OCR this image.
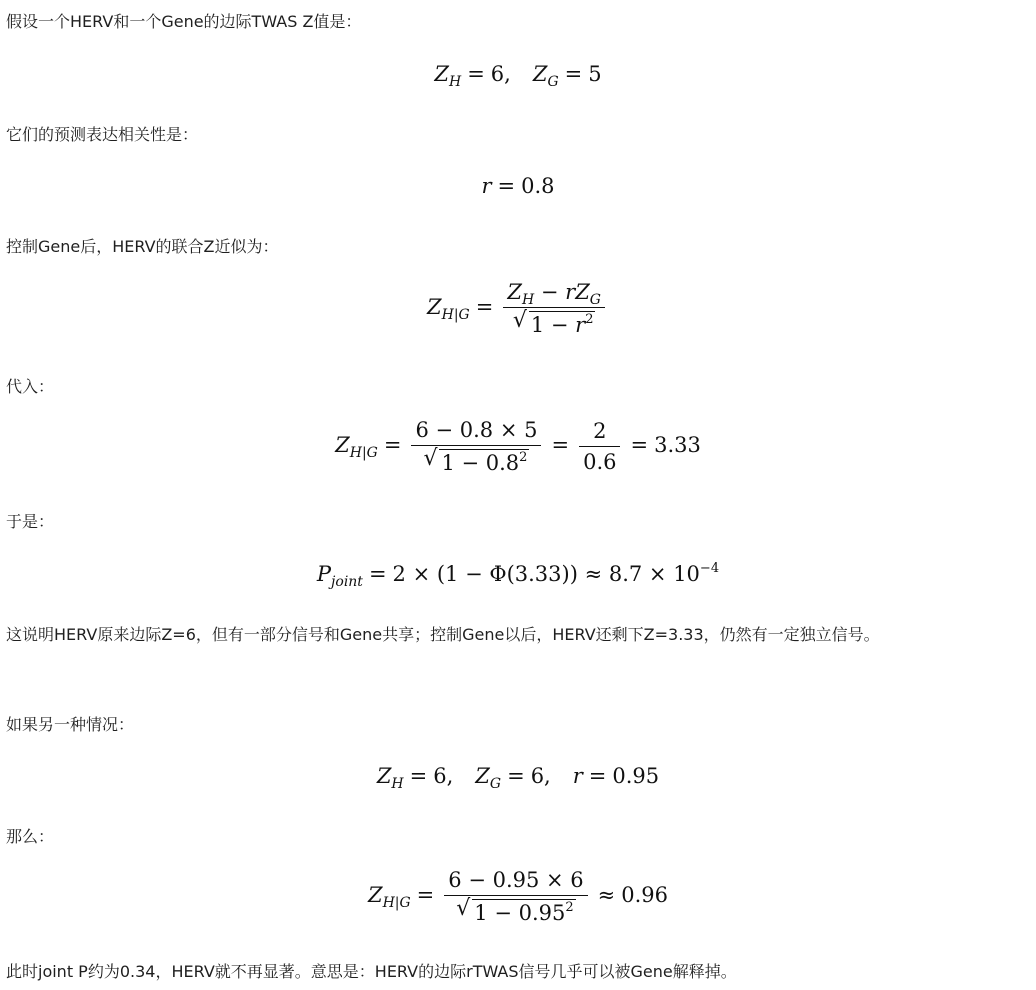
假设一个HERV和一个Gene的边际TWAS Z值是：

$Z_H = 6$, $Z_G = 5$

它们的预测表达相关性是：

r = 0.8

控制Gene后，HERV的联合Z近似为：

$Z_{H|G} = \frac{Z_H - rZ_G}{√ 1 - r^2}$

代入：

$Z_{H|G} = \frac{6 - 0.8 \times 5}{√ 1 - 0.8^2} = \frac{2}{0.6} = 3.33$

于是：

$P_{joint} = 2 \times (1 - \Phi(3.33)) \approx 8.7 \times 10^{-4}$

这说明HERV原来边际Z=6，但有一部分信号和Gene共享；控制Gene以后，HERV还剩下Z=3.33，仍然有一定独立信号。

如果另一种情况：

$Z_H = 6$, $Z_G = 6$, r = 0.95

那么：

$Z_{H|G} = \frac{6 - 0.95 \times 6}{√ 1 - 0.95^2} \approx 0.96$

此时joint P约为0.34，HERV就不再显著。意思是：HERV的边际rTWAS信号几乎可以被Gene解释掉。
